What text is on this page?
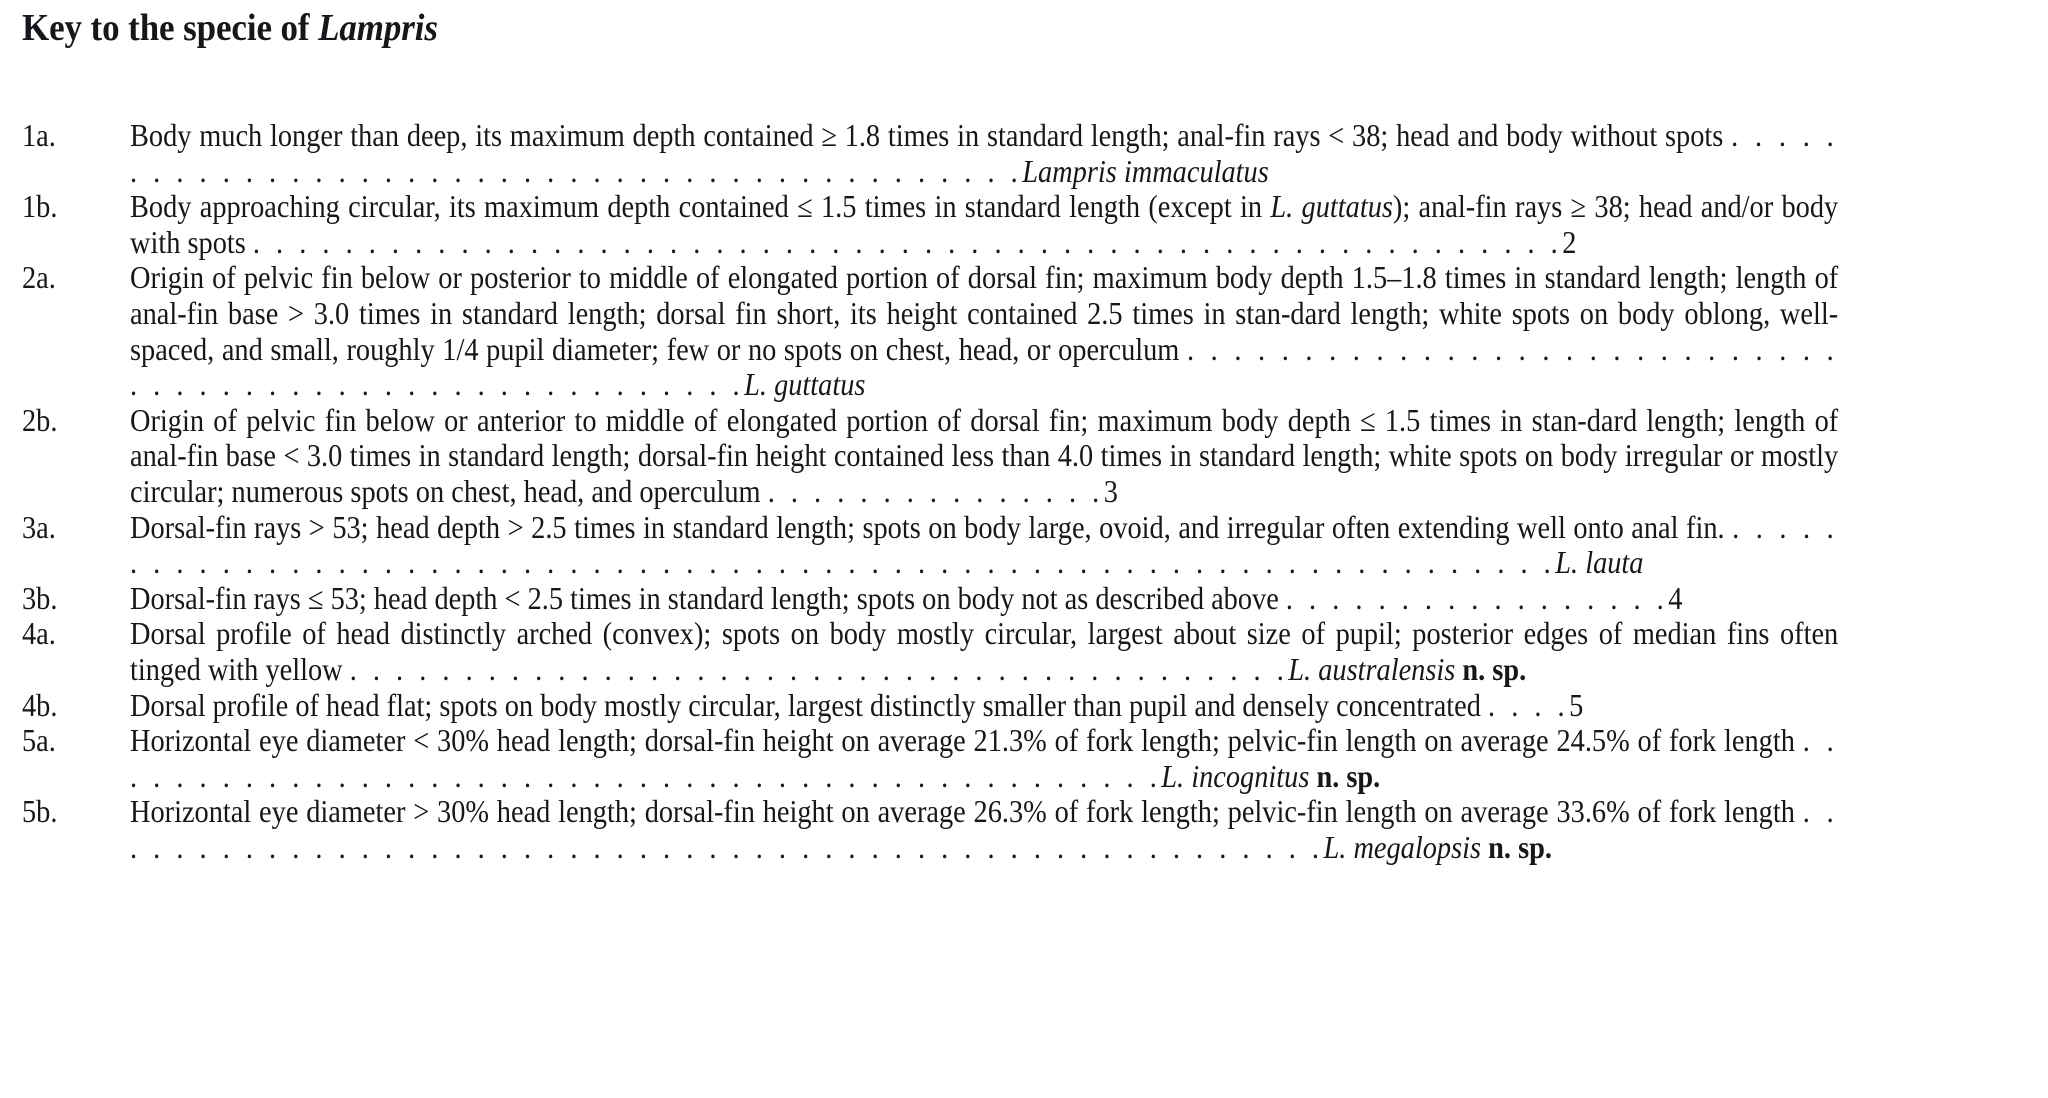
Key to the specie of Lampris
1a.	Body much longer than deep, its maximum depth contained ≥ 1.8 times in standard length; anal-fin rays < 38; head and body without spots . . . . . . . . . . . . . . . . . . . . . . . . . . . . . . . . . . . . . . . . . . . .Lampris immaculatus
1b.	Body approaching circular, its maximum depth contained ≤ 1.5 times in standard length (except in L. guttatus); anal-fin rays ≥ 38; head and/or body with spots . . . . . . . . . . . . . . . . . . . . . . . . . . . . . . . . . . . . . . . . . . . . . . . . . . . . . . . . .2
2a.	Origin of pelvic fin below or posterior to middle of elongated portion of dorsal fin; maximum body depth 1.5–1.8 times in standard length; length of anal-fin base > 3.0 times in standard length; dorsal fin short, its height contained 2.5 times in stan-dard length; white spots on body oblong, well-spaced, and small, roughly 1/4 pupil diameter; few or no spots on chest, head, or operculum . . . . . . . . . . . . . . . . . . . . . . . . . . . . . . . . . . . . . . . . . . . . . . . . . . . . . . .L. guttatus
2b.	Origin of pelvic fin below or anterior to middle of elongated portion of dorsal fin; maximum body depth ≤ 1.5 times in stan-dard length; length of anal-fin base < 3.0 times in standard length; dorsal-fin height contained less than 4.0 times in standard length; white spots on body irregular or mostly circular; numerous spots on chest, head, and operculum . . . . . . . . . . . . . . .3
3a.	Dorsal-fin rays > 53; head depth > 2.5 times in standard length; spots on body large, ovoid, and irregular often extending well onto anal fin. . . . . . . . . . . . . . . . . . . . . . . . . . . . . . . . . . . . . . . . . . . . . . . . . . . . . . . . . . . . . . . . . . . .L. lauta
3b.	Dorsal-fin rays ≤ 53; head depth < 2.5 times in standard length; spots on body not as described above . . . . . . . . . . . . . . . . .4
4a.	Dorsal profile of head distinctly arched (convex); spots on body mostly circular, largest about size of pupil; posterior edges of median fins often tinged with yellow . . . . . . . . . . . . . . . . . . . . . . . . . . . . . . . . . . . . . . . . .L. australensis n. sp.
4b.	Dorsal profile of head flat; spots on body mostly circular, largest distinctly smaller than pupil and densely concentrated . . . .5
5a.	Horizontal eye diameter < 30% head length; dorsal-fin height on average 21.3% of fork length; pelvic-fin length on average 24.5% of fork length . . . . . . . . . . . . . . . . . . . . . . . . . . . . . . . . . . . . . . . . . . . . . . .L. incognitus n. sp.
5b.	Horizontal eye diameter > 30% head length; dorsal-fin height on average 26.3% of fork length; pelvic-fin length on average 33.6% of fork length . . . . . . . . . . . . . . . . . . . . . . . . . . . . . . . . . . . . . . . . . . . . . . . . . . . . . .L. megalopsis n. sp.
